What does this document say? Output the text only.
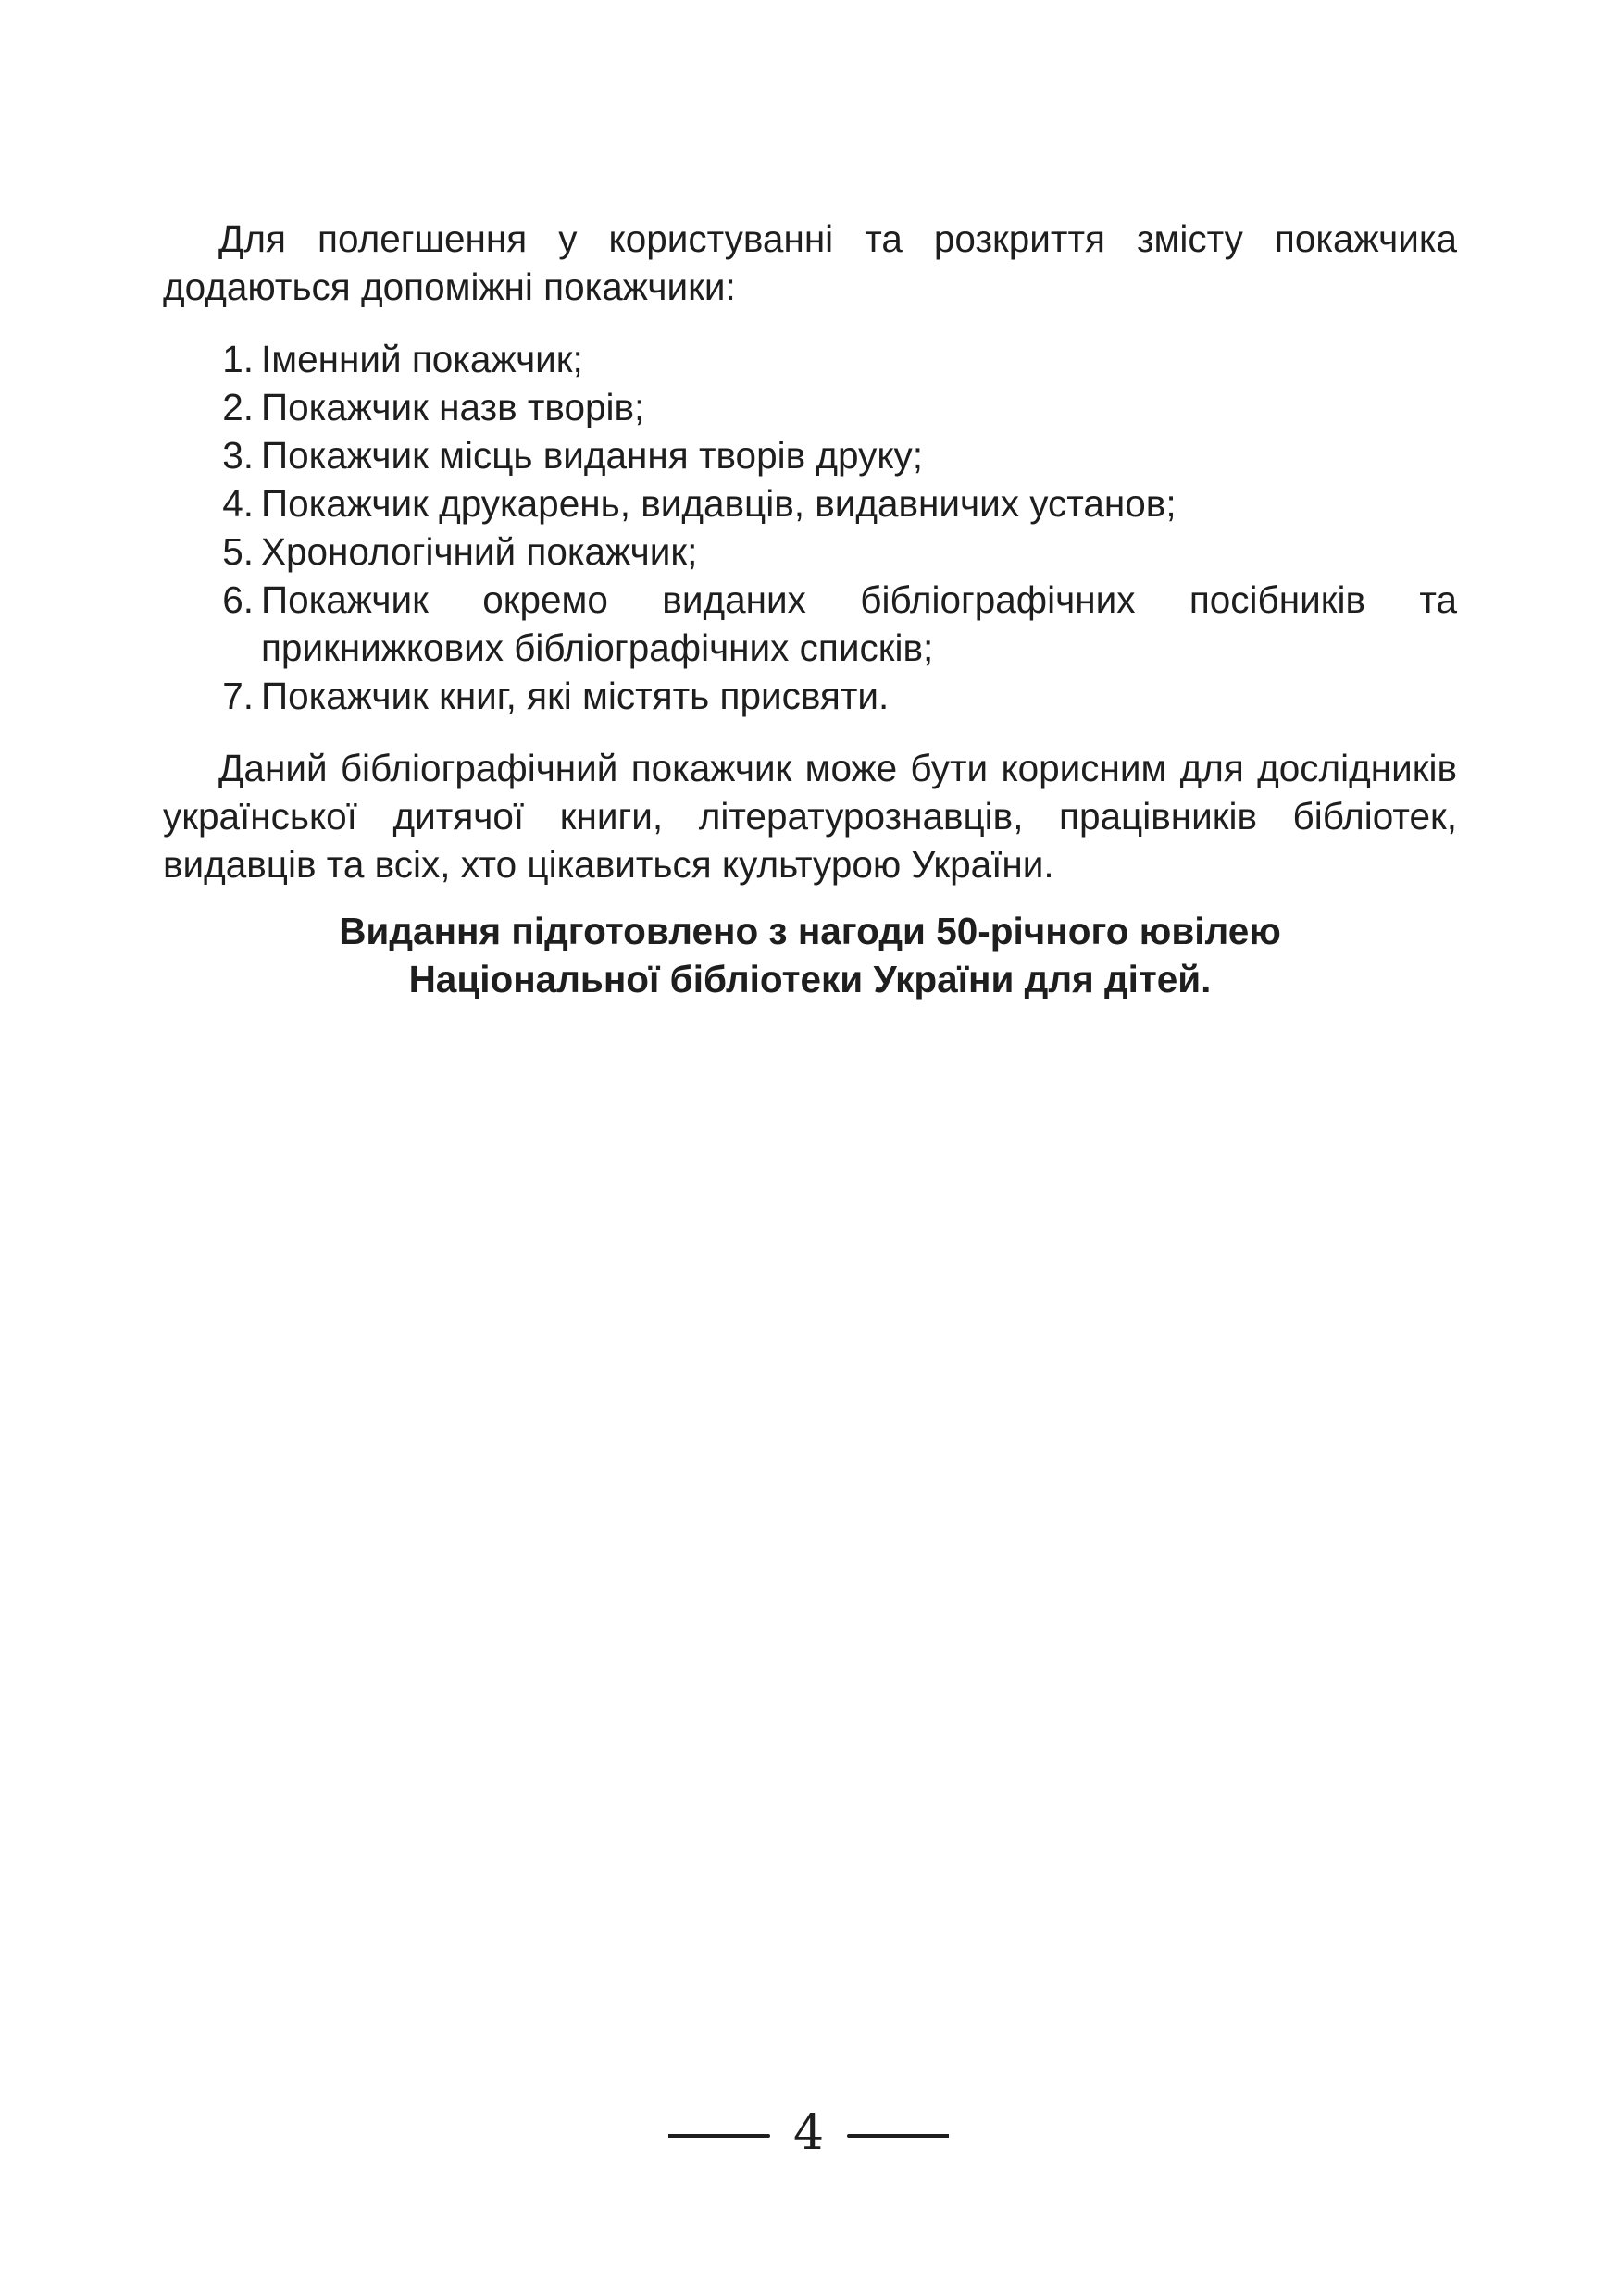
Для полегшення у користуванні та розкриття змісту покажчика додаються допоміжні покажчики:

1. Іменний покажчик;
2. Покажчик назв творів;
3. Покажчик місць видання творів друку;
4. Покажчик друкарень, видавців, видавничих установ;
5. Хронологічний покажчик;
6. Покажчик окремо виданих бібліографічних посібників та прикнижкових бібліографічних списків;
7. Покажчик книг, які містять присвяти.

Даний бібліографічний покажчик може бути корисним для дослідників української дитячої книги, літературознавців, працівників бібліотек, видавців та всіх, хто цікавиться культурою України.

Видання підготовлено з нагоди 50-річного ювілею
Національної бібліотеки України для дітей.
4
